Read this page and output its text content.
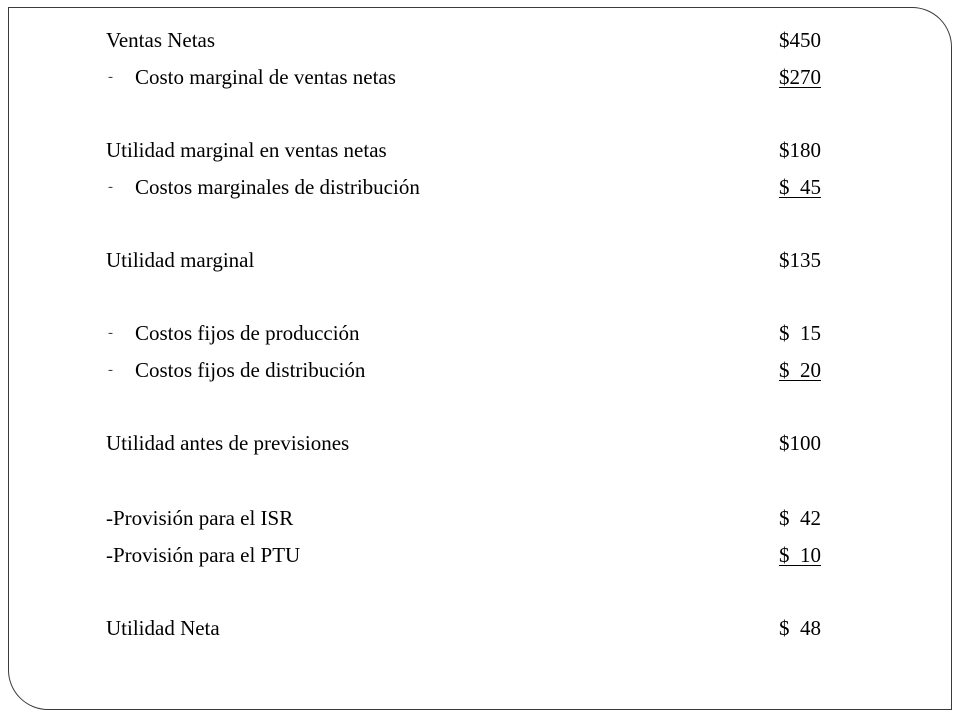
Ventas Netas	$450
- Costo marginal de ventas netas	$270
Utilidad marginal en ventas netas	$180
- Costos marginales de distribución	$  45
Utilidad marginal	$135
- Costos fijos de producción	$  15
- Costos fijos de distribución	$  20
Utilidad antes de previsiones	$100
-Provisión para el ISR	$  42
-Provisión para el PTU	$  10
Utilidad Neta	$  48
